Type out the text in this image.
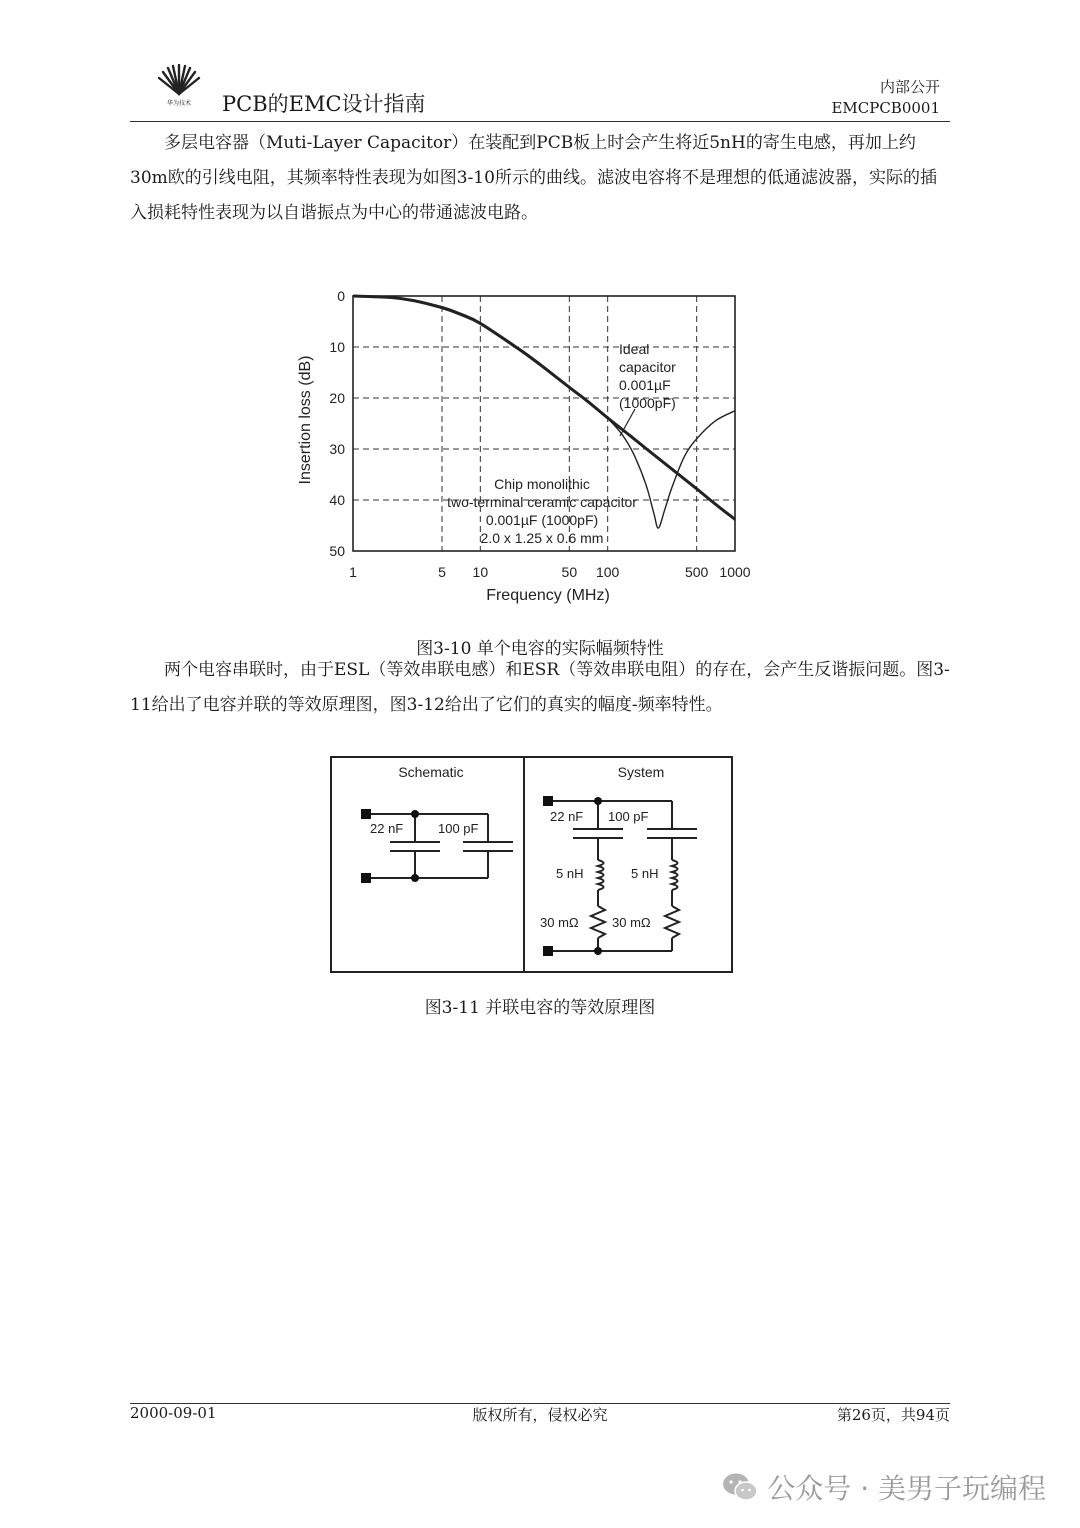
华为技术 PCB的EMC设计指南
内部公开
EMCPCB0001

多层电容器（Muti-Layer Capacitor）在装配到PCB板上时会产生将近5nH的寄生电感，再加上约30m欧的引线电阻，其频率特性表现为如图3-10所示的曲线。滤波电容将不是理想的低通滤波器，实际的插入损耗特性表现为以自谐振点为中心的带通滤波电路。

1	5 10	50 100	500 1000
0
10
20
30
40
50
Insertion loss (dB)
Frequency (MHz)
Ideal capacitor 0.001µF (1000pF)
Chip monolithic two-terminal ceramic capacitor 0.001µF (1000pF) 2.0 x 1.25 x 0.6 mm
图3-10 单个电容的实际幅频特性

两个电容串联时，由于ESL（等效串联电感）和ESR（等效串联电阻）的存在，会产生反谐振问题。图3-11给出了电容并联的等效原理图，图3-12给出了它们的真实的幅度-频率特性。

Schematic
22 nF	100 pF
System
22 nF 100 pF
5 nH	5 nH
30 mΩ	30 mΩ
图3-11 并联电容的等效原理图
2000-09-01	版权所有，侵权必究	第26页，共94页
公众号 · 美男子玩编程
